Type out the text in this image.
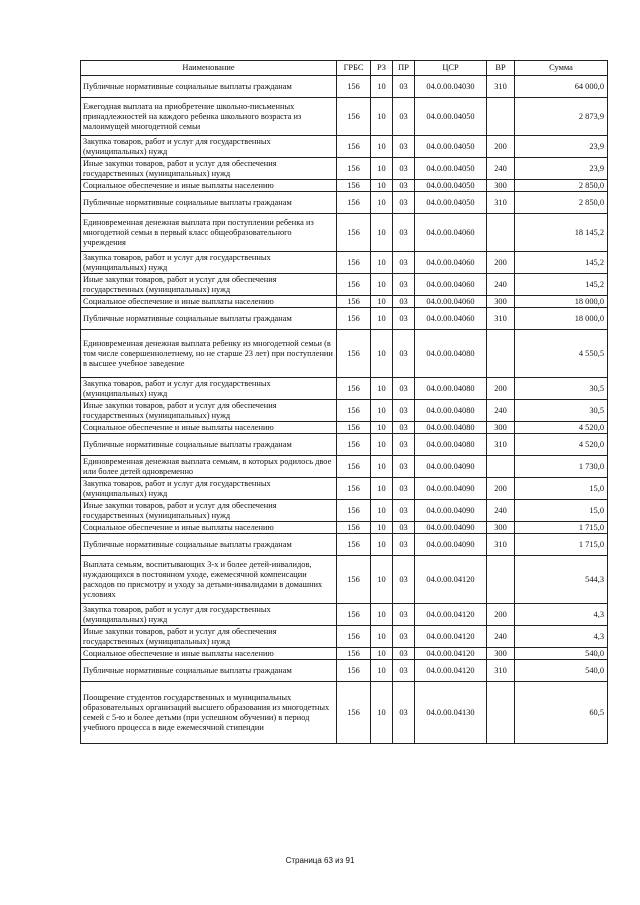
Наименование	ГРБС	РЗ	ПР	ЦСР	ВР	Сумма
Публичные нормативные социальные выплаты гражданам	156	10	03	04.0.00.04030	310	64 000,0
Ежегодная выплата на приобретение школьно-письменных принадлежностей на каждого ребенка школьного возраста из малоимущей многодетной семьи	156	10	03	04.0.00.04050		2 873,9
Закупка товаров, работ и услуг для государственных (муниципальных) нужд	156	10	03	04.0.00.04050	200	23,9
Иные закупки товаров, работ и услуг для обеспечения государственных (муниципальных) нужд	156	10	03	04.0.00.04050	240	23,9
Социальное обеспечение и иные выплаты населению	156	10	03	04.0.00.04050	300	2 850,0
Публичные нормативные социальные выплаты гражданам	156	10	03	04.0.00.04050	310	2 850,0
Единовременная денежная выплата при поступлении ребенка из многодетной семьи в первый класс общеобразовательного учреждения	156	10	03	04.0.00.04060		18 145,2
Закупка товаров, работ и услуг для государственных (муниципальных) нужд	156	10	03	04.0.00.04060	200	145,2
Иные закупки товаров, работ и услуг для обеспечения государственных (муниципальных) нужд	156	10	03	04.0.00.04060	240	145,2
Социальное обеспечение и иные выплаты населению	156	10	03	04.0.00.04060	300	18 000,0
Публичные нормативные социальные выплаты гражданам	156	10	03	04.0.00.04060	310	18 000,0
Единовременная денежная выплата ребенку из многодетной семьи (в том числе совершеннолетнему, но не старше 23 лет) при поступлении в высшее учебное заведение	156	10	03	04.0.00.04080		4 550,5
Закупка товаров, работ и услуг для государственных (муниципальных) нужд	156	10	03	04.0.00.04080	200	30,5
Иные закупки товаров, работ и услуг для обеспечения государственных (муниципальных) нужд	156	10	03	04.0.00.04080	240	30,5
Социальное обеспечение и иные выплаты населению	156	10	03	04.0.00.04080	300	4 520,0
Публичные нормативные социальные выплаты гражданам	156	10	03	04.0.00.04080	310	4 520,0
Единовременная денежная выплата семьям, в которых родилось двое или более детей одновременно	156	10	03	04.0.00.04090		1 730,0
Закупка товаров, работ и услуг для государственных (муниципальных) нужд	156	10	03	04.0.00.04090	200	15,0
Иные закупки товаров, работ и услуг для обеспечения государственных (муниципальных) нужд	156	10	03	04.0.00.04090	240	15,0
Социальное обеспечение и иные выплаты населению	156	10	03	04.0.00.04090	300	1 715,0
Публичные нормативные социальные выплаты гражданам	156	10	03	04.0.00.04090	310	1 715,0
Выплата семьям, воспитывающих 3-х и более детей-инвалидов, нуждающихся в постоянном уходе, ежемесячной компенсации расходов по присмотру и уходу за детьми-инвалидами в домашних условиях	156	10	03	04.0.00.04120		544,3
Закупка товаров, работ и услуг для государственных (муниципальных) нужд	156	10	03	04.0.00.04120	200	4,3
Иные закупки товаров, работ и услуг для обеспечения государственных (муниципальных) нужд	156	10	03	04.0.00.04120	240	4,3
Социальное обеспечение и иные выплаты населению	156	10	03	04.0.00.04120	300	540,0
Публичные нормативные социальные выплаты гражданам	156	10	03	04.0.00.04120	310	540,0
Поощрение студентов государственных и муниципальных образовательных организаций высшего образования из многодетных семей с 5-ю и более детьми (при успешном обучении) в период учебного процесса в виде ежемесячной стипендии	156	10	03	04.0.00.04130		60,5
Страница 63 из 91
